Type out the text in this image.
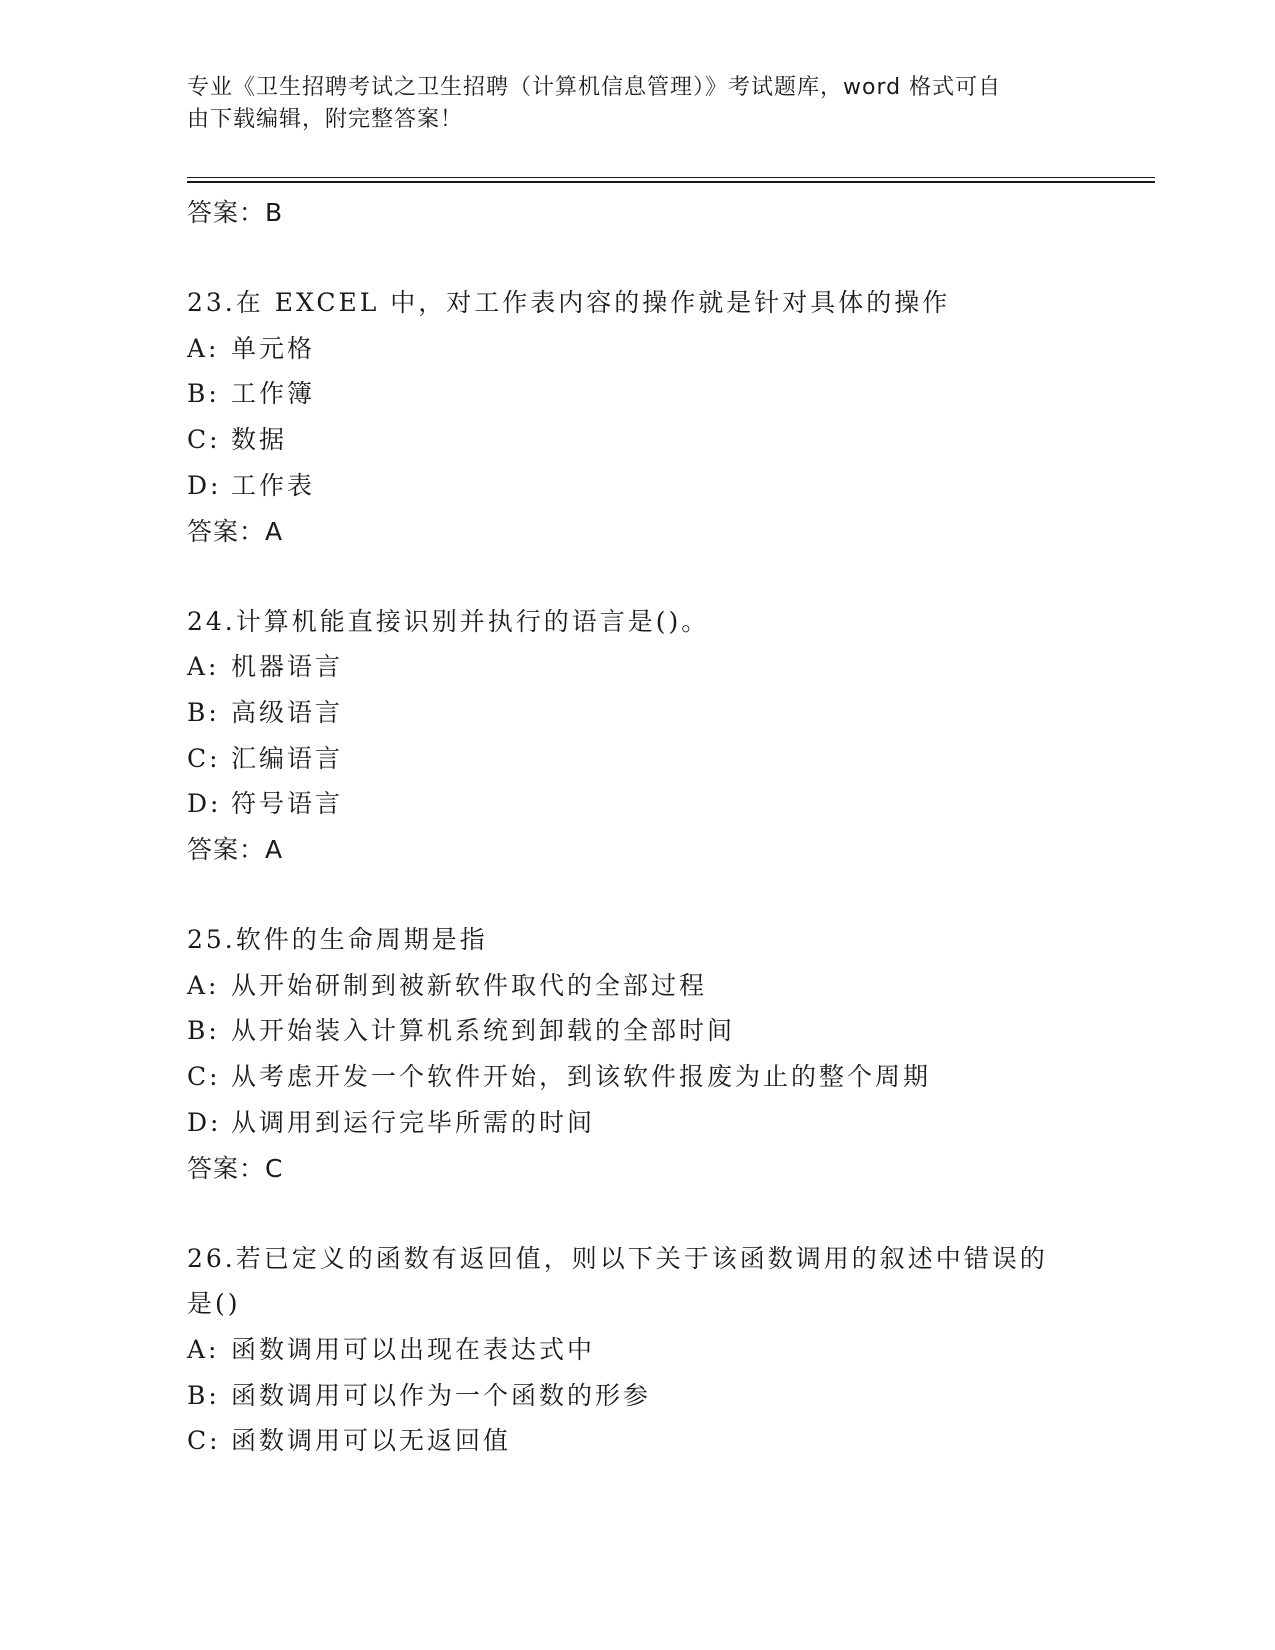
专业《卫生招聘考试之卫生招聘（计算机信息管理）》考试题库，word 格式可自
由下载编辑，附完整答案！
答案：B
23.在 EXCEL 中，对工作表内容的操作就是针对具体的操作
A: 单元格
B: 工作簿
C: 数据
D: 工作表
答案：A
24.计算机能直接识别并执行的语言是()。
A: 机器语言
B: 高级语言
C: 汇编语言
D: 符号语言
答案：A
25.软件的生命周期是指
A: 从开始研制到被新软件取代的全部过程
B: 从开始装入计算机系统到卸载的全部时间
C: 从考虑开发一个软件开始，到该软件报废为止的整个周期
D: 从调用到运行完毕所需的时间
答案：C
26.若已定义的函数有返回值，则以下关于该函数调用的叙述中错误的
是()
A: 函数调用可以出现在表达式中
B: 函数调用可以作为一个函数的形参
C: 函数调用可以无返回值
